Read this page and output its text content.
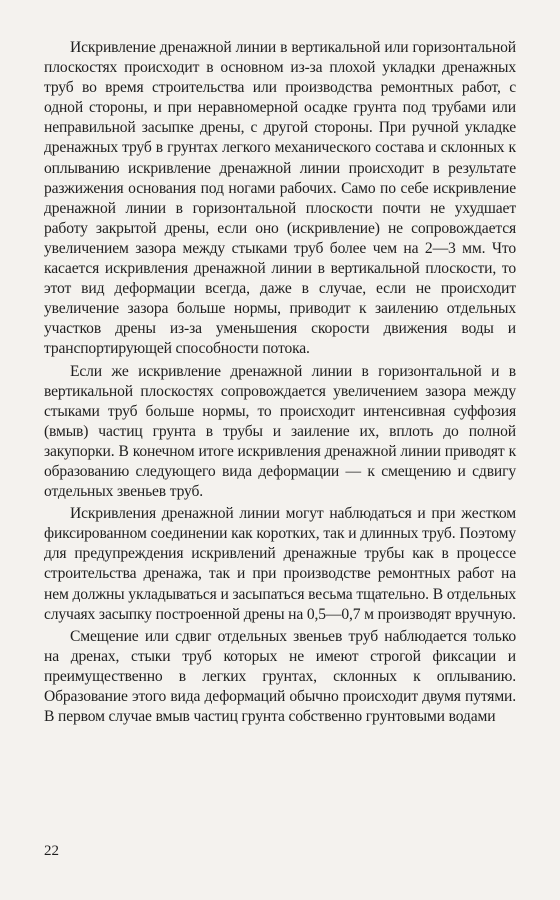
Искривление дренажной линии в вертикальной или горизонтальной плоскостях происходит в основном из-за плохой укладки дренажных труб во время строительства или производства ремонтных работ, с одной стороны, и при неравномерной осадке грунта под трубами или неправильной засыпке дрены, с другой стороны. При ручной укладке дренажных труб в грунтах легкого механического состава и склонных к оплыванию искривление дренажной линии происходит в результате разжижения основания под ногами рабочих. Само по себе искривление дренажной линии в горизонтальной плоскости почти не ухудшает работу закрытой дрены, если оно (искривление) не сопровождается увеличением зазора между стыками труб более чем на 2—3 мм. Что касается искривления дренажной линии в вертикальной плоскости, то этот вид деформации всегда, даже в случае, если не происходит увеличение зазора больше нормы, приводит к заилению отдельных участков дрены из-за уменьшения скорости движения воды и транспортирующей способности потока.

Если же искривление дренажной линии в горизонтальной и в вертикальной плоскостях сопровождается увеличением зазора между стыками труб больше нормы, то происходит интенсивная суффозия (вмыв) частиц грунта в трубы и заиление их, вплоть до полной закупорки. В конечном итоге искривления дренажной линии приводят к образованию следующего вида деформации — к смещению и сдвигу отдельных звеньев труб.

Искривления дренажной линии могут наблюдаться и при жестком фиксированном соединении как коротких, так и длинных труб. Поэтому для предупреждения искривлений дренажные трубы как в процессе строительства дренажа, так и при производстве ремонтных работ на нем должны укладываться и засыпаться весьма тщательно. В отдельных случаях засыпку построенной дрены на 0,5—0,7 м производят вручную.

Смещение или сдвиг отдельных звеньев труб наблюдается только на дренах, стыки труб которых не имеют строгой фиксации и преимущественно в легких грунтах, склонных к оплыванию. Образование этого вида деформаций обычно происходит двумя путями. В первом случае вмыв частиц грунта собственно грунтовыми водами

22
